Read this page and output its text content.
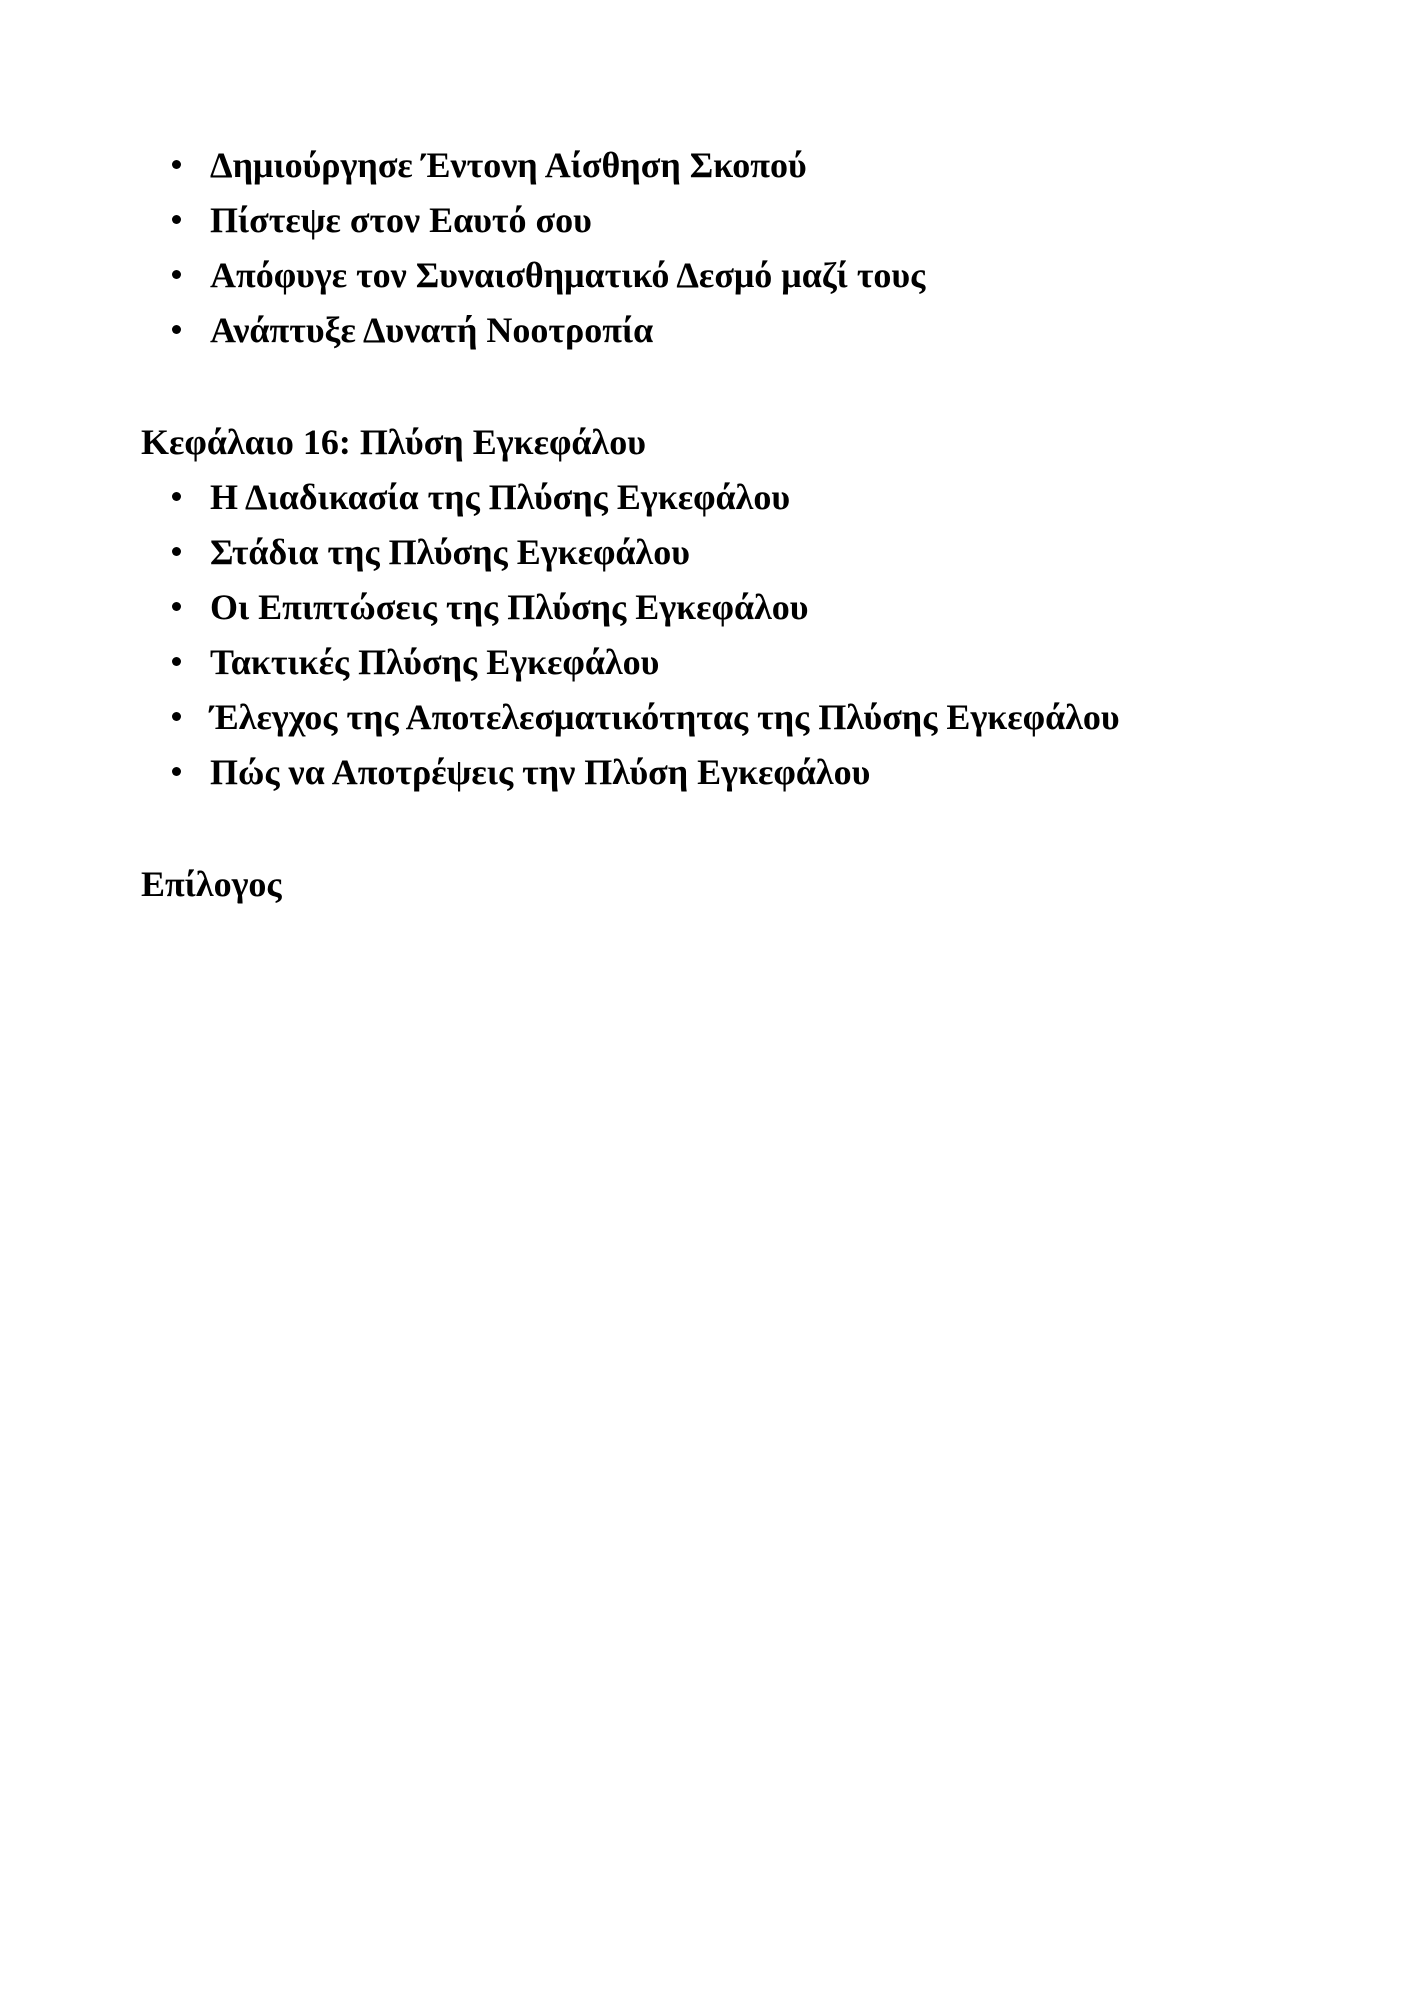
Δημιούργησε Έντονη Αίσθηση Σκοπού
Πίστεψε στον Εαυτό σου
Απόφυγε τον Συναισθηματικό Δεσμό μαζί τους
Ανάπτυξε Δυνατή Νοοτροπία
Κεφάλαιο 16: Πλύση Εγκεφάλου
Η Διαδικασία της Πλύσης Εγκεφάλου
Στάδια της Πλύσης Εγκεφάλου
Οι Επιπτώσεις της Πλύσης Εγκεφάλου
Τακτικές Πλύσης Εγκεφάλου
Έλεγχος της Αποτελεσματικότητας της Πλύσης Εγκεφάλου
Πώς να Αποτρέψεις την Πλύση Εγκεφάλου
Επίλογος
